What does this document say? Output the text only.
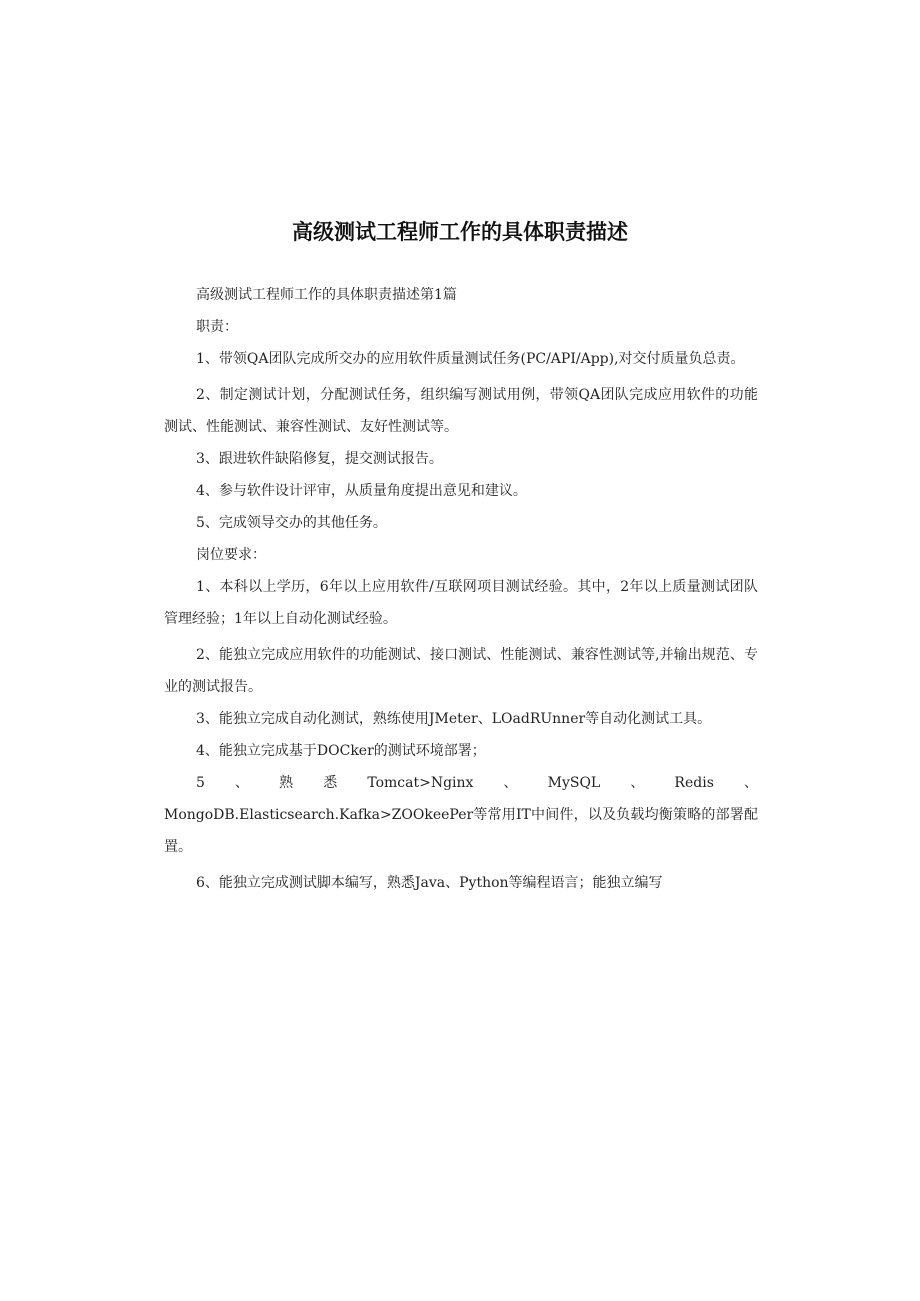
高级测试工程师工作的具体职责描述

高级测试工程师工作的具体职责描述第1篇

职责：

1、带领QA团队完成所交办的应用软件质量测试任务(PC/API/App),对交付质量负总责。

2、制定测试计划，分配测试任务，组织编写测试用例，带领QA团队完成应用软件的功能测试、性能测试、兼容性测试、友好性测试等。

3、跟进软件缺陷修复，提交测试报告。

4、参与软件设计评审，从质量角度提出意见和建议。

5、完成领导交办的其他任务。

岗位要求：

1、本科以上学历，6年以上应用软件/互联网项目测试经验。其中，2年以上质量测试团队管理经验；1年以上自动化测试经验。

2、能独立完成应用软件的功能测试、接口测试、性能测试、兼容性测试等,并输出规范、专业的测试报告。

3、能独立完成自动化测试，熟练使用JMeter、LOadRUnner等自动化测试工具。

4、能独立完成基于DOCker的测试环境部署；

5、熟悉Tomcat>Nginx、MySQL、Redis、MongoDB.Elasticsearch.Kafka>ZOOkeePer等常用IT中间件，以及负载均衡策略的部署配置。

6、能独立完成测试脚本编写，熟悉Java、Python等编程语言；能独立编写
